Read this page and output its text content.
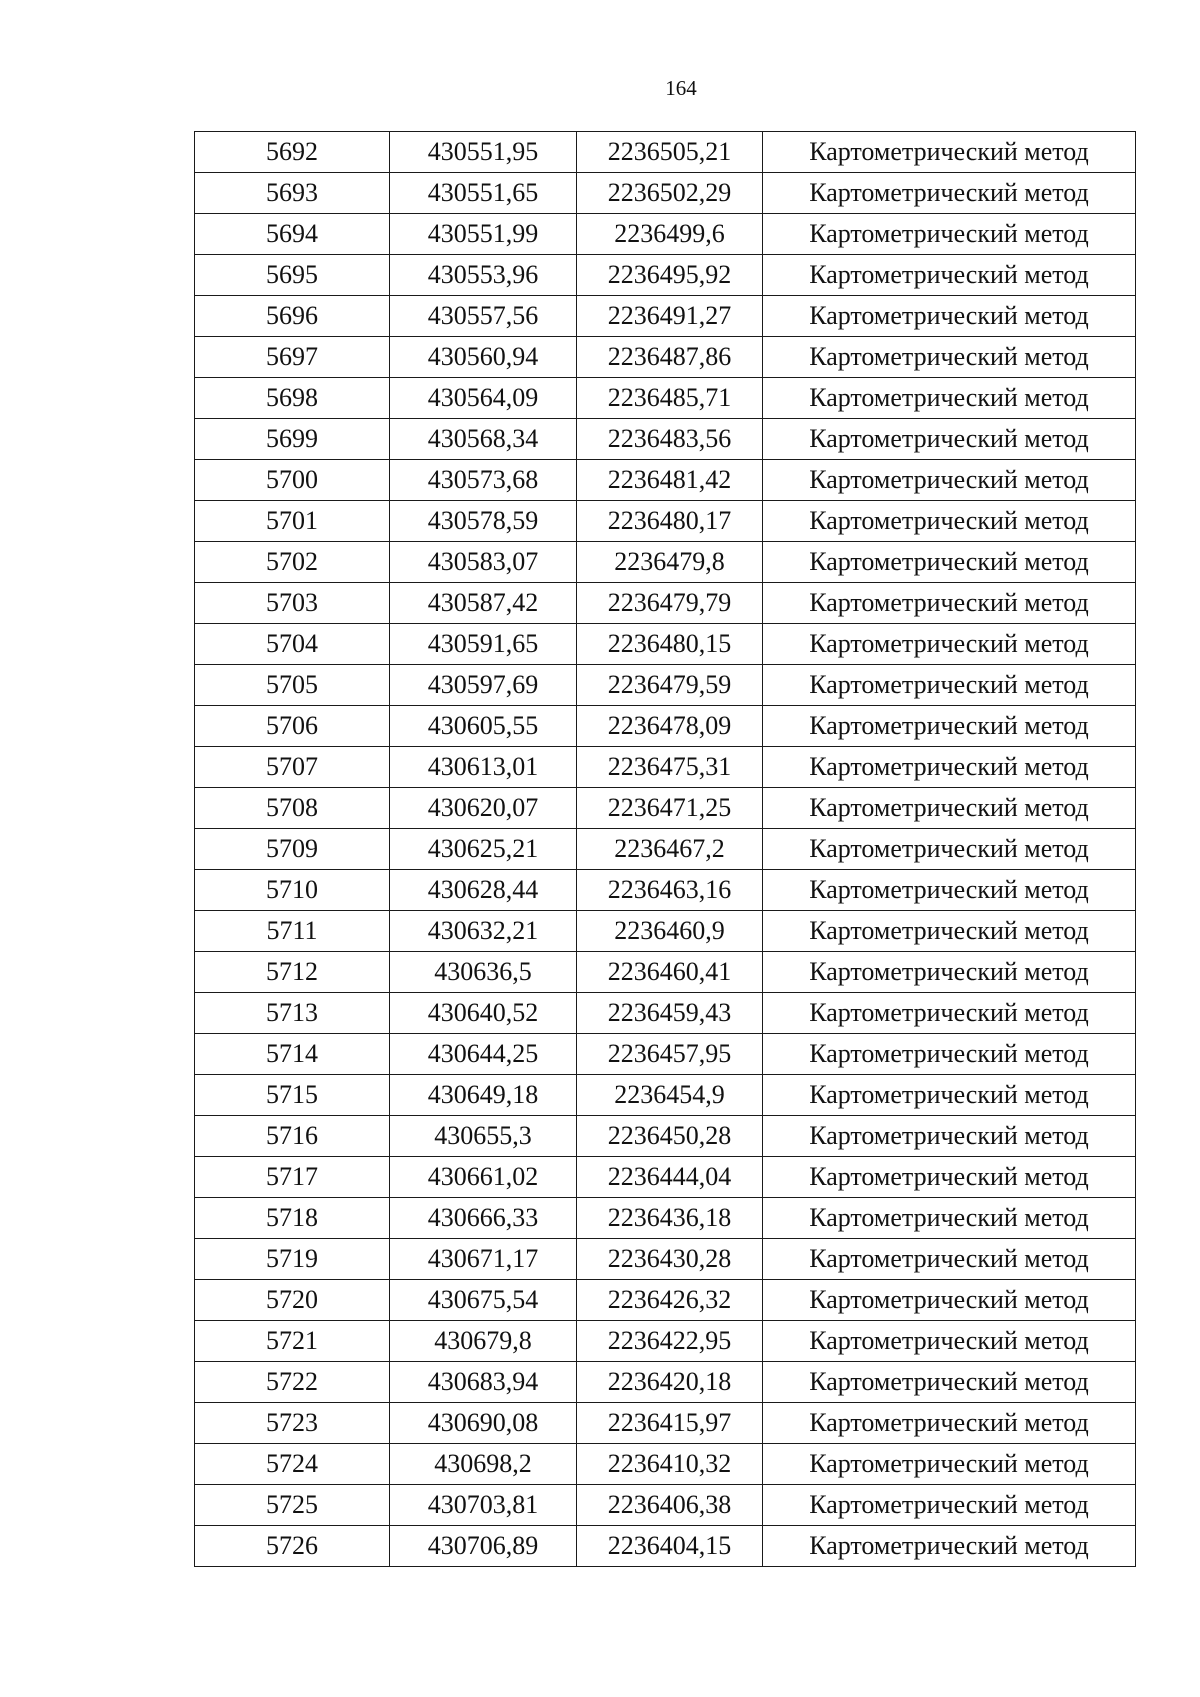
164
5692	430551,95	2236505,21	Картометрический метод
5693	430551,65	2236502,29	Картометрический метод
5694	430551,99	2236499,6	Картометрический метод
5695	430553,96	2236495,92	Картометрический метод
5696	430557,56	2236491,27	Картометрический метод
5697	430560,94	2236487,86	Картометрический метод
5698	430564,09	2236485,71	Картометрический метод
5699	430568,34	2236483,56	Картометрический метод
5700	430573,68	2236481,42	Картометрический метод
5701	430578,59	2236480,17	Картометрический метод
5702	430583,07	2236479,8	Картометрический метод
5703	430587,42	2236479,79	Картометрический метод
5704	430591,65	2236480,15	Картометрический метод
5705	430597,69	2236479,59	Картометрический метод
5706	430605,55	2236478,09	Картометрический метод
5707	430613,01	2236475,31	Картометрический метод
5708	430620,07	2236471,25	Картометрический метод
5709	430625,21	2236467,2	Картометрический метод
5710	430628,44	2236463,16	Картометрический метод
5711	430632,21	2236460,9	Картометрический метод
5712	430636,5	2236460,41	Картометрический метод
5713	430640,52	2236459,43	Картометрический метод
5714	430644,25	2236457,95	Картометрический метод
5715	430649,18	2236454,9	Картометрический метод
5716	430655,3	2236450,28	Картометрический метод
5717	430661,02	2236444,04	Картометрический метод
5718	430666,33	2236436,18	Картометрический метод
5719	430671,17	2236430,28	Картометрический метод
5720	430675,54	2236426,32	Картометрический метод
5721	430679,8	2236422,95	Картометрический метод
5722	430683,94	2236420,18	Картометрический метод
5723	430690,08	2236415,97	Картометрический метод
5724	430698,2	2236410,32	Картометрический метод
5725	430703,81	2236406,38	Картометрический метод
5726	430706,89	2236404,15	Картометрический метод
